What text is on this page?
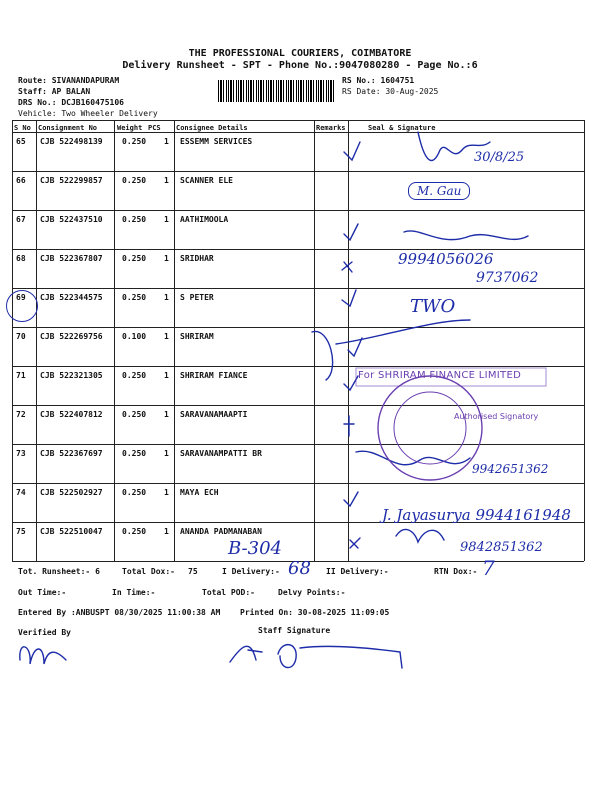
THE PROFESSIONAL COURIERS, COIMBATORE
Delivery Runsheet - SPT - Phone No.:9047080280 - Page No.:6
Route: SIVANANDAPURAM
Staff: AP BALAN
DRS No.: DCJB160475106
Vehicle: Two Wheeler Delivery
RS No.: 1604751
RS Date: 30-Aug-2025
S No Consignment No	Weight PCS Consignee Details	Remarks	Seal & Signature
65 CJB 522498139 0.250 1 ESSEMM SERVICES
66 CJB 522299857 0.250 1 SCANNER ELE
67 CJB 522437510 0.250 1 AATHIMOOLA
68 CJB 522367807 0.250 1 SRIDHAR
69 CJB 522344575 0.250 1 S PETER
70 CJB 522269756 0.100 1 SHRIRAM
71 CJB 522321305 0.250 1 SHRIRAM FIANCE
72 CJB 522407812 0.250 1 SARAVANAMAAPTI
73 CJB 522367697 0.250 1 SARAVANAMPATTI BR
74 CJB 522502927 0.250 1 MAYA ECH
75 CJB 522510047 0.250 1 ANANDA PADMANABAN
30/8/25
M. Gau
9994056026
9737062
TWO
For SHRIRAM FINANCE LIMITED
Authorised Signatory
9942651362
J. Jayasurya 9944161948
B-304	9842851362
Tot. Runsheet:- 6	Total Dox:- 75	I Delivery:- 68 II Delivery:-	RTN Dox:- 7
Out Time:-	In Time:-	Total POD:-	Delvy Points:-
Entered By :ANBUSPT 08/30/2025 11:00:38 AM Printed On: 30-08-2025 11:09:05
Verified By	Staff Signature
